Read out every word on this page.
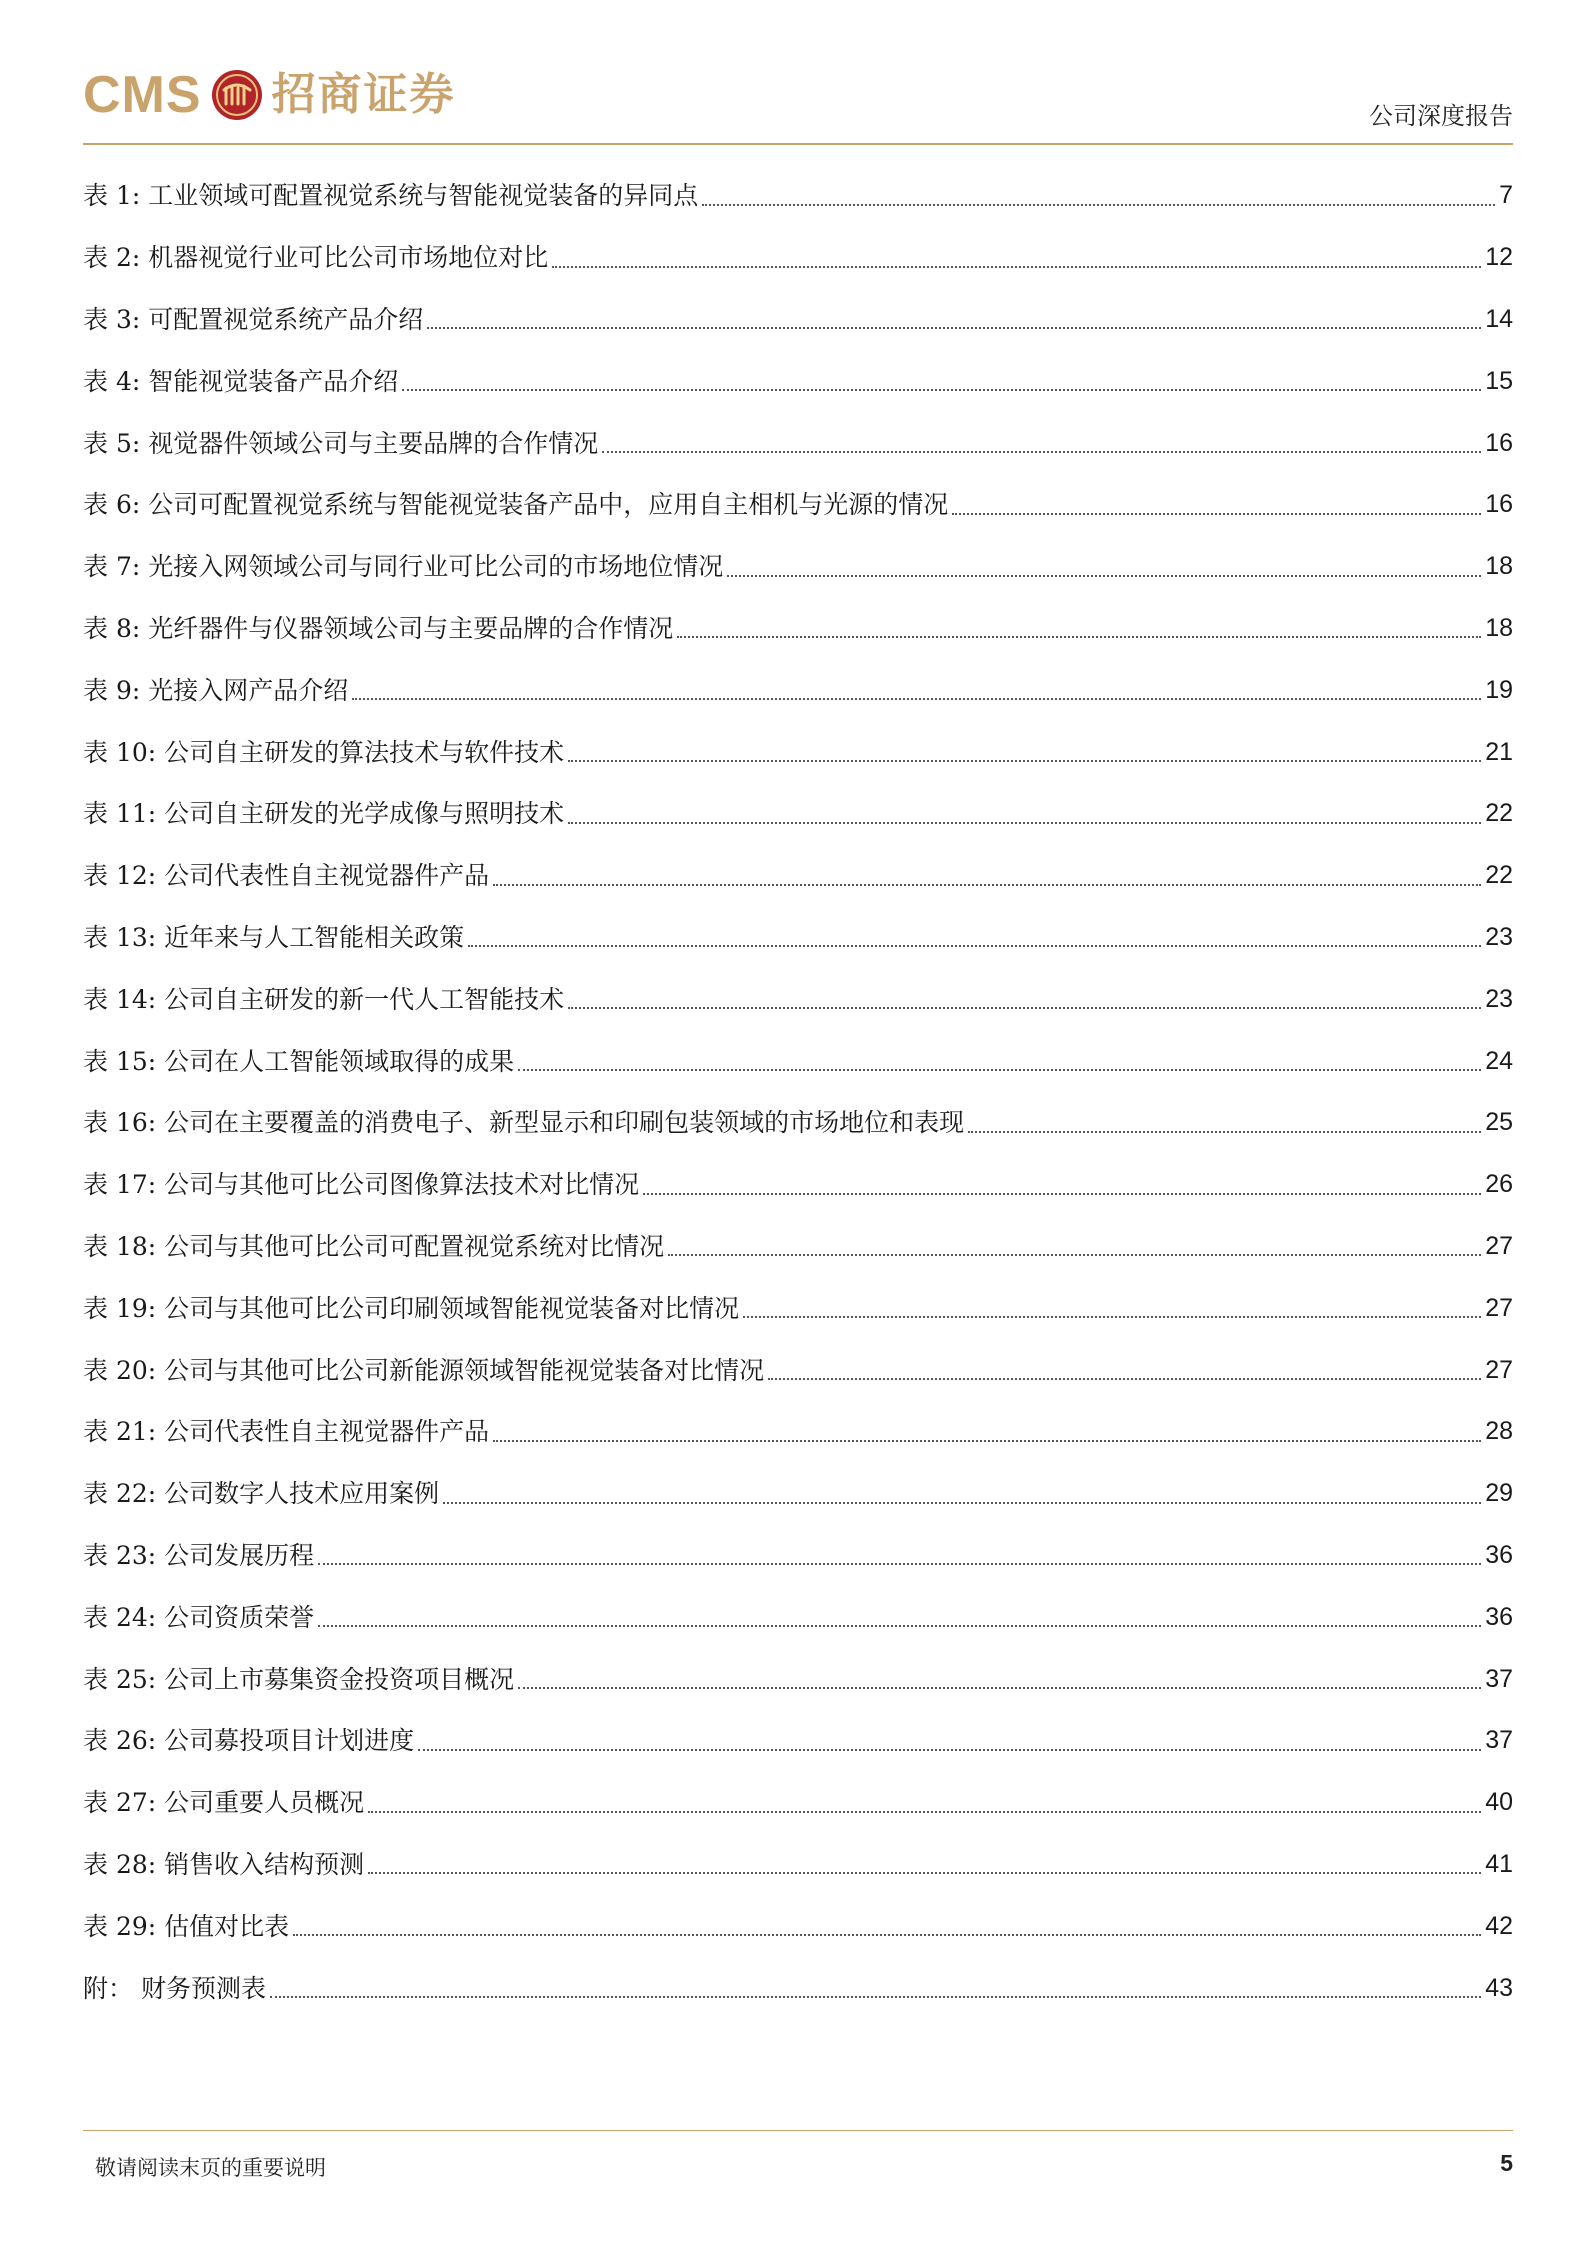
CMS 招商证券	公司深度报告
表 1: 工业领域可配置视觉系统与智能视觉装备的异同点	7
表 2: 机器视觉行业可比公司市场地位对比	12
表 3: 可配置视觉系统产品介绍	14
表 4: 智能视觉装备产品介绍	15
表 5: 视觉器件领域公司与主要品牌的合作情况	16
表 6: 公司可配置视觉系统与智能视觉装备产品中，应用自主相机与光源的情况	16
表 7: 光接入网领域公司与同行业可比公司的市场地位情况	18
表 8: 光纤器件与仪器领域公司与主要品牌的合作情况	18
表 9: 光接入网产品介绍	19
表 10: 公司自主研发的算法技术与软件技术	21
表 11: 公司自主研发的光学成像与照明技术	22
表 12: 公司代表性自主视觉器件产品	22
表 13: 近年来与人工智能相关政策	23
表 14: 公司自主研发的新一代人工智能技术	23
表 15: 公司在人工智能领域取得的成果	24
表 16: 公司在主要覆盖的消费电子、新型显示和印刷包装领域的市场地位和表现	25
表 17: 公司与其他可比公司图像算法技术对比情况	26
表 18: 公司与其他可比公司可配置视觉系统对比情况	27
表 19: 公司与其他可比公司印刷领域智能视觉装备对比情况	27
表 20: 公司与其他可比公司新能源领域智能视觉装备对比情况	27
表 21: 公司代表性自主视觉器件产品	28
表 22: 公司数字人技术应用案例	29
表 23: 公司发展历程	36
表 24: 公司资质荣誉	36
表 25: 公司上市募集资金投资项目概况	37
表 26: 公司募投项目计划进度	37
表 27: 公司重要人员概况	40
表 28: 销售收入结构预测	41
表 29: 估值对比表	42
附： 财务预测表	43
敬请阅读末页的重要说明	5
